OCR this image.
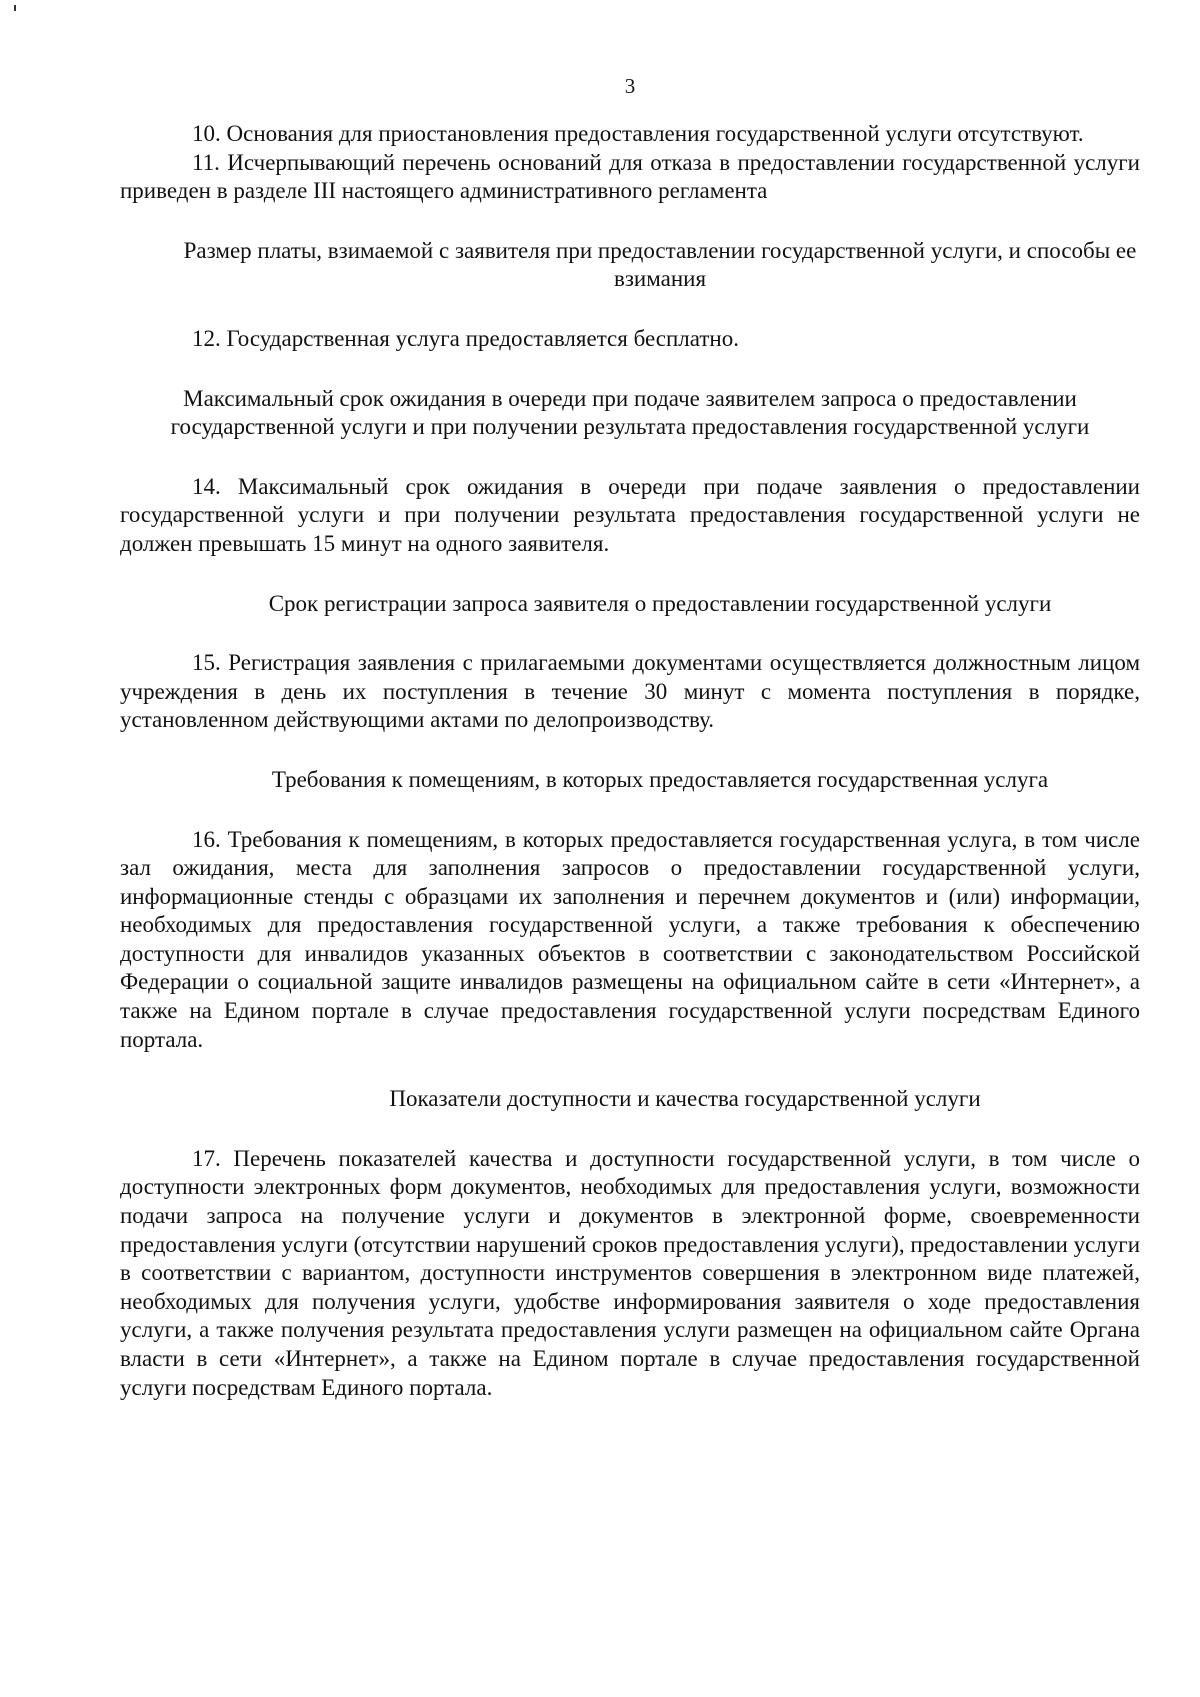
3

10. Основания для приостановления предоставления государственной услуги отсутствуют.

11. Исчерпывающий перечень оснований для отказа в предоставлении государственной услуги приведен в разделе III настоящего административного регламента

Размер платы, взимаемой с заявителя при предоставлении государственной услуги, и способы ее взимания

12. Государственная услуга предоставляется бесплатно.

Максимальный срок ожидания в очереди при подаче заявителем запроса о предоставлении государственной услуги и при получении результата предоставления государственной услуги

14. Максимальный срок ожидания в очереди при подаче заявления о предоставлении государственной услуги и при получении результата предоставления государственной услуги не должен превышать 15 минут на одного заявителя.

Срок регистрации запроса заявителя о предоставлении государственной услуги

15. Регистрация заявления с прилагаемыми документами осуществляется должностным лицом учреждения в день их поступления в течение 30 минут с момента поступления в порядке, установленном действующими актами по делопроизводству.

Требования к помещениям, в которых предоставляется государственная услуга

16. Требования к помещениям, в которых предоставляется государственная услуга, в том числе зал ожидания, места для заполнения запросов о предоставлении государственной услуги, информационные стенды с образцами их заполнения и перечнем документов и (или) информации, необходимых для предоставления государственной услуги, а также требования к обеспечению доступности для инвалидов указанных объектов в соответствии с законодательством Российской Федерации о социальной защите инвалидов размещены на официальном сайте в сети «Интернет», а также на Едином портале в случае предоставления государственной услуги посредствам Единого портала.

Показатели доступности и качества государственной услуги

17. Перечень показателей качества и доступности государственной услуги, в том числе о доступности электронных форм документов, необходимых для предоставления услуги, возможности подачи запроса на получение услуги и документов в электронной форме, своевременности предоставления услуги (отсутствии нарушений сроков предоставления услуги), предоставлении услуги в соответствии с вариантом, доступности инструментов совершения в электронном виде платежей, необходимых для получения услуги, удобстве информирования заявителя о ходе предоставления услуги, а также получения результата предоставления услуги размещен на официальном сайте Органа власти в сети «Интернет», а также на Едином портале в случае предоставления государственной услуги посредствам Единого портала.
